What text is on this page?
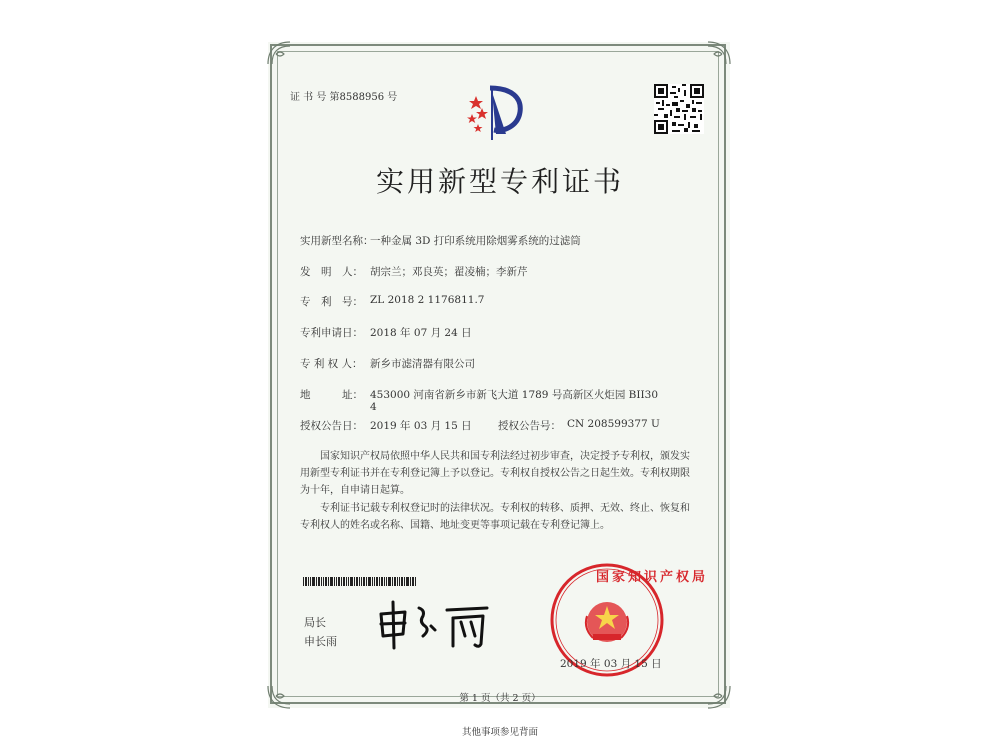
证 书 号 第8588956 号
实用新型专利证书
实用新型名称：
一种金属 3D 打印系统用除烟雾系统的过滤筒
发　明　人： 胡宗兰；邓良英；翟凌楠；李新芹
专　利　号： ZL 2018 2 1176811.7
专利申请日： 2018 年 07 月 24 日
专 利 权 人： 新乡市滤清器有限公司
地　　　址： 453000 河南省新乡市新飞大道 1789 号高新区火炬园 BII30
4
授权公告日： 2019 年 03 月 15 日	授权公告号： CN 208599377 U
国家知识产权局依照中华人民共和国专利法经过初步审查，决定授予专利权，颁发实用新型专利证书并在专利登记簿上予以登记。专利权自授权公告之日起生效。专利权期限为十年，自申请日起算。
专利证书记载专利权登记时的法律状况。专利权的转移、质押、无效、终止、恢复和专利权人的姓名或名称、国籍、地址变更等事项记载在专利登记簿上。
局长
申长雨
国家知识产权局
2019 年 03 月 15 日
第 1 页（共 2 页）
其他事项参见背面
